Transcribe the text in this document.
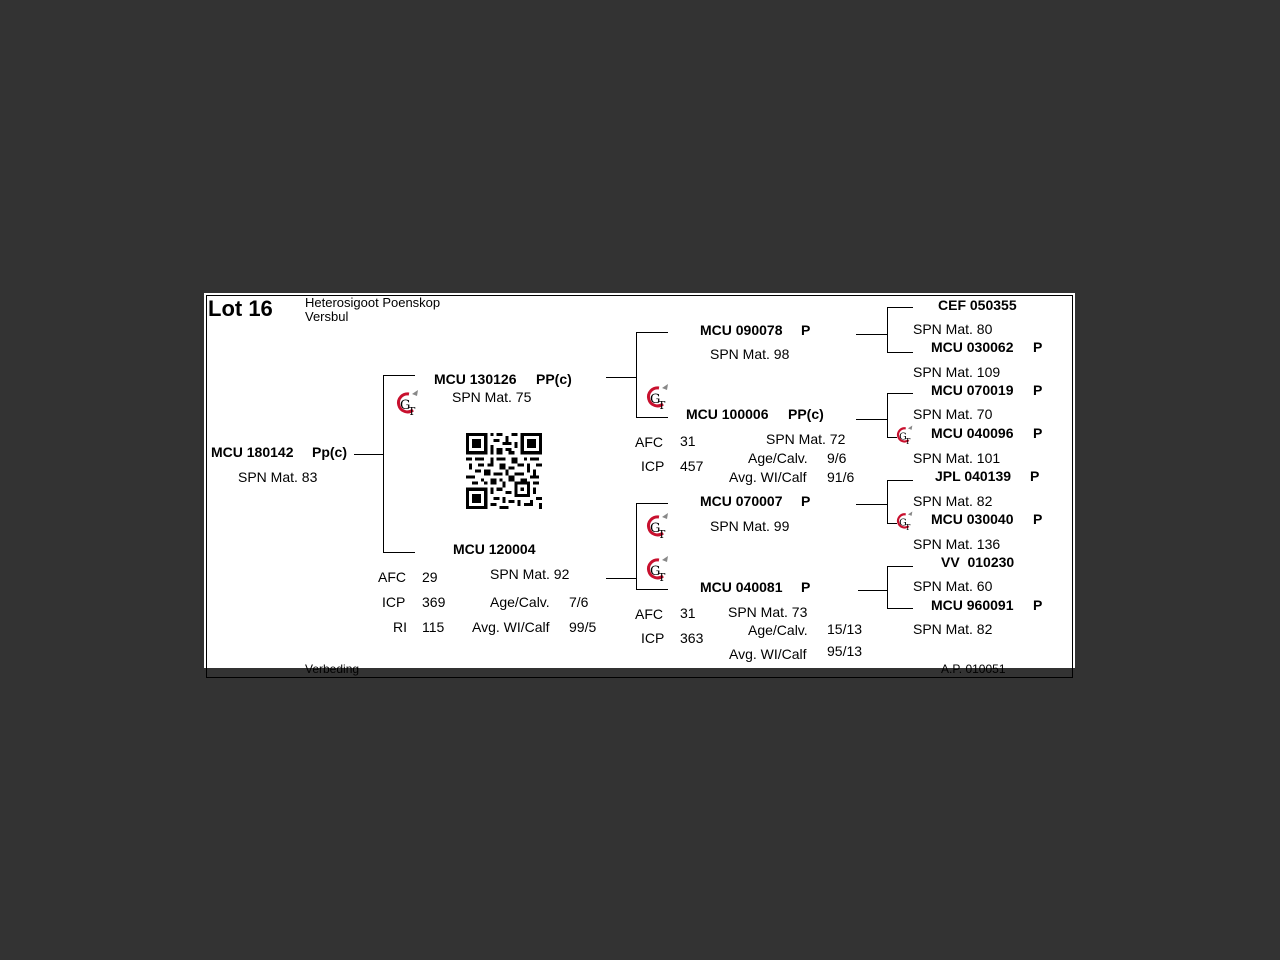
Lot 16 Heterosigoot Poenskop
Versbul
MCU 180142 Pp(c)
SPN Mat. 83
MCU 130126 PP(c)
SPN Mat. 75
G
T
MCU 120004
AFC 29	SPN Mat. 92
ICP 369	Age/Calv. 7/6
RI 115 Avg. WI/Calf 99/5
MCU 090078 P
SPN Mat. 98
G
T
MCU 100006 PP(c)
AFC 31	SPN Mat. 72
ICP 457	Age/Calv. 9/6
Avg. WI/Calf 91/6
G
T
MCU 070007 P
SPN Mat. 99
G
T
MCU 040081 P
AFC 31 SPN Mat. 73
ICP 363	Age/Calv. 15/13
Avg. WI/Calf 95/13
CEF 050355
SPN Mat. 80
MCU 030062 P
SPN Mat. 109
MCU 070019 P
SPN Mat. 70
G
T
MCU 040096 P
SPN Mat. 101
JPL 040139 P
SPN Mat. 82
G
T
MCU 030040 P
SPN Mat. 136
VV  010230
SPN Mat. 60
MCU 960091 P
SPN Mat. 82
Verbeding	A.P. 010051
